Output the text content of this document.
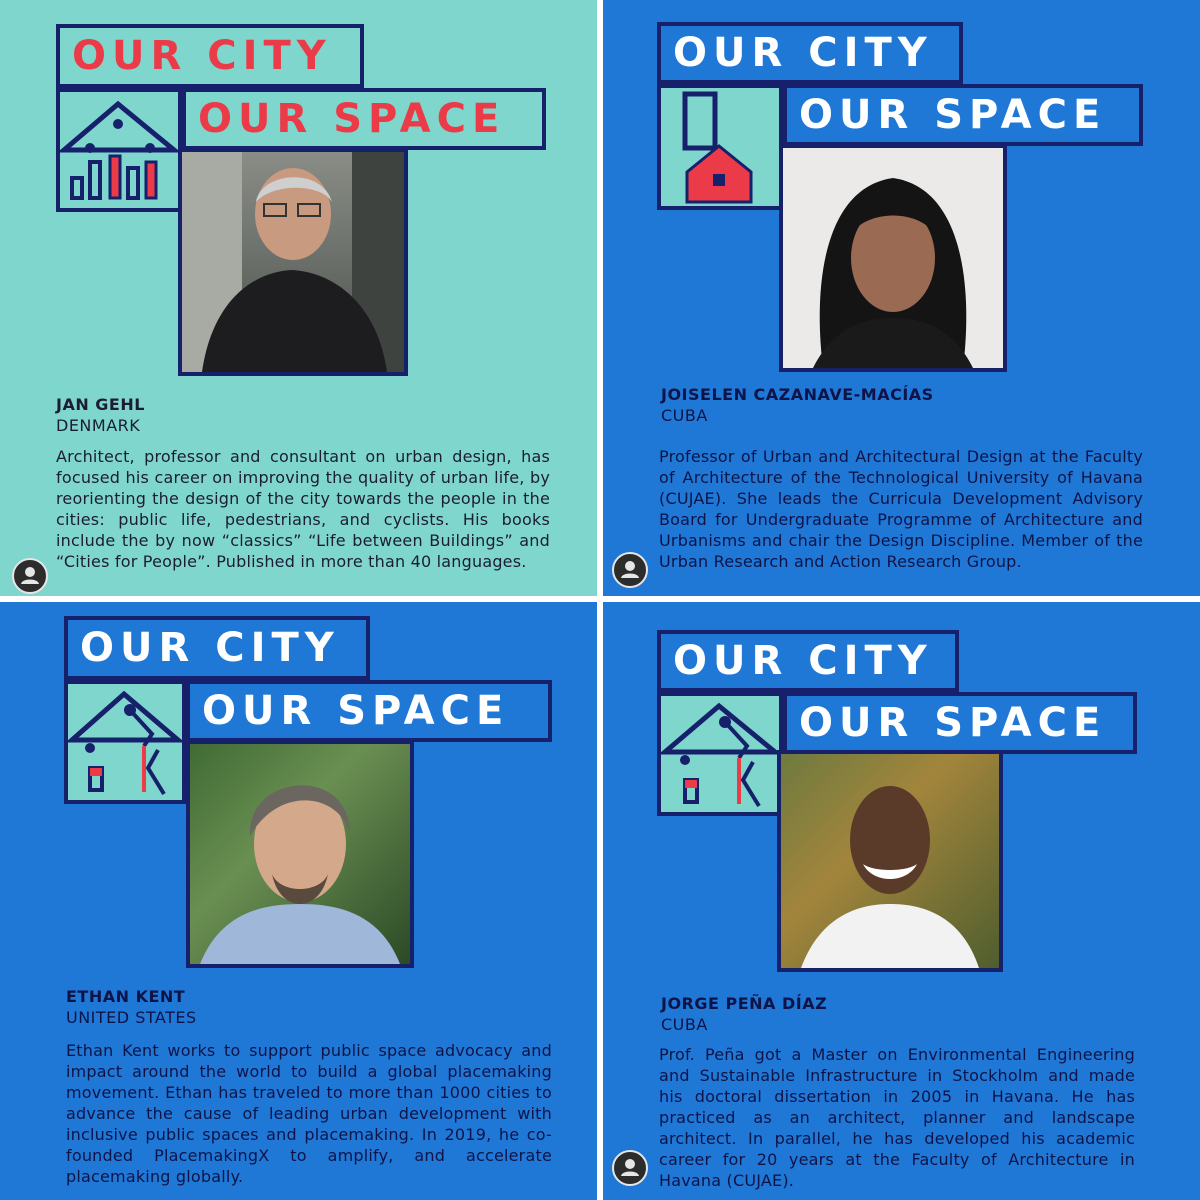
OUR CITY
OUR SPACE
JAN GEHL
DENMARK
Architect, professor and consultant on urban design, has focused his career on improving the quality of urban life, by reorienting the design of the city towards the people in the cities: public life, pedestrians, and cyclists. His books include the by now “classics” “Life between Buildings” and “Cities for People”. Published in more than 40 languages.
OUR CITY
OUR SPACE
JOISELEN CAZANAVE-MACÍAS
CUBA
Professor of Urban and Architectural Design at the Faculty of Architecture of the Technological University of Havana (CUJAE). She leads the Curricula Development Advisory Board for Undergraduate Programme of Architecture and Urbanisms and chair the Design Discipline. Member of the Urban Research and Action Research Group.
OUR CITY
OUR SPACE
ETHAN KENT
UNITED STATES
Ethan Kent works to support public space advocacy and impact around the world to build a global placemaking movement. Ethan has traveled to more than 1000 cities to advance the cause of leading urban development with inclusive public spaces and placemaking. In 2019, he co-founded PlacemakingX to amplify, and accelerate placemaking globally.
OUR CITY
OUR SPACE
JORGE PEÑA DÍAZ
CUBA
Prof. Peña got a Master on Environmental Engineering and Sustainable Infrastructure in Stockholm and made his doctoral dissertation in 2005 in Havana. He has practiced as an architect, planner and landscape architect. In parallel, he has developed his academic career for 20 years at the Faculty of Architecture in Havana (CUJAE).
